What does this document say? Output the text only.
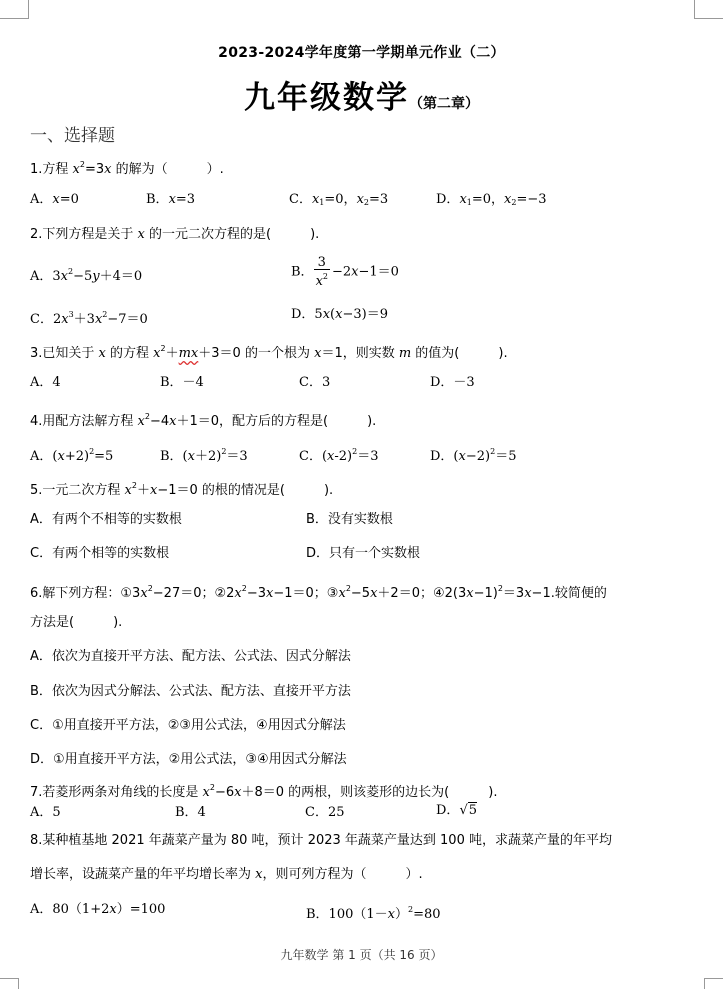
2023-2024学年度第一学期单元作业（二）
九年级数学（第二章）
一、选择题
1.方程 $x^2=3x$ 的解为（　　　）.
A．x=0	B．x=3	C．$x_1=0$，$x_2=3$	D．$x_1=0$，$x_2=-3$
2.下列方程是关于 x 的一元二次方程的是(　　　).
A．$3x^2-5y+4=0$	B． $\frac{3}{x^2} -2x-1=0$
C．$2x^3+3x^2-7=0$	D．5x(x−3)＝9
3.已知关于 x 的方程 $x^2+mx+3=0$ 的一个根为 x＝1，则实数 m 的值为(　　　).
A．4	B．－4	C．3	D．－3
4.用配方法解方程 $x^2-4x+1=0$，配方后的方程是(　　　).
A．$(x+2)^2=5$	B．$(x+2)^2=3$	C．$(x-2)^2=3$	D．$(x-2)^2=5$
5.一元二次方程 $x^2+x-1=0$ 的根的情况是(　　　).
A．有两个不相等的实数根	B．没有实数根
C．有两个相等的实数根	D．只有一个实数根
6.解下列方程：$①3x^2-27=0$；$②2x^2-3x-1=0$；$③x^2-5x+2=0$；$④2(3x-1)^2=3x-1$.较简便的
方法是(　　　).
A．依次为直接开平方法、配方法、公式法、因式分解法
B．依次为因式分解法、公式法、配方法、直接开平方法
C．①用直接开平方法，②③用公式法，④用因式分解法
D．①用直接开平方法，②用公式法，③④用因式分解法
7.若菱形两条对角线的长度是 $x^2-6x+8=0$ 的两根，则该菱形的边长为(　　　).
A．5	B．4	C．25	D．√5
8.某种植基地 2021 年蔬菜产量为 80 吨，预计 2023 年蔬菜产量达到 100 吨，求蔬菜产量的年平均
增长率，设蔬菜产量的年平均增长率为 x，则可列方程为（　　　）.
A．80（1+2x）=100	B．$100(1-x)^2=80$
九年数学 第 1 页（共 16 页）
